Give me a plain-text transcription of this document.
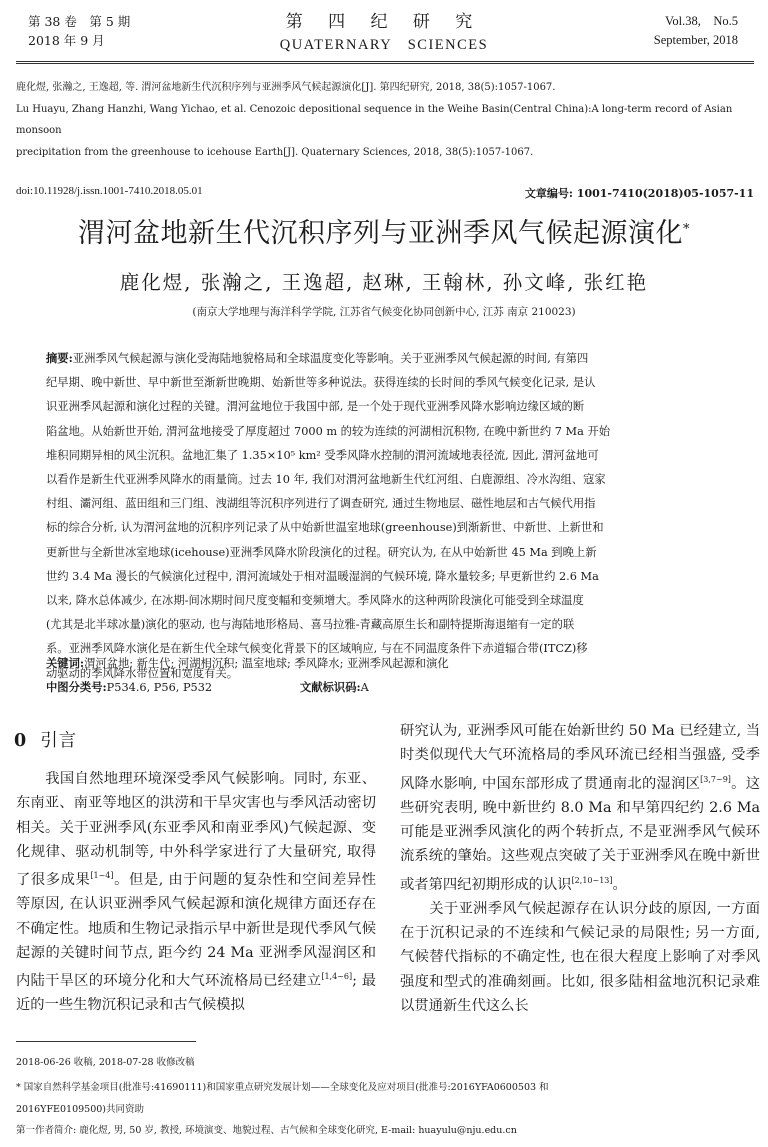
第 38 卷　第 5 期
2018 年 9 月
第 四 纪 研 究
QUATERNARY　SCIENCES
Vol.38,　No.5
September, 2018
鹿化煜, 张瀚之, 王逸超, 等. 渭河盆地新生代沉积序列与亚洲季风气候起源演化[J]. 第四纪研究, 2018, 38(5):1057-1067.
Lu Huayu, Zhang Hanzhi, Wang Yichao, et al. Cenozoic depositional sequence in the Weihe Basin(Central China):A long-term record of Asian monsoon
precipitation from the greenhouse to icehouse Earth[J]. Quaternary Sciences, 2018, 38(5):1057-1067.
doi:10.11928/j.issn.1001-7410.2018.05.01	文章编号: 1001-7410(2018)05-1057-11
渭河盆地新生代沉积序列与亚洲季风气候起源演化*
鹿化煜, 张瀚之, 王逸超, 赵琳, 王翰林, 孙文峰, 张红艳
(南京大学地理与海洋科学学院, 江苏省气候变化协同创新中心, 江苏 南京 210023)
摘要:亚洲季风气候起源与演化受海陆地貌格局和全球温度变化等影响。关于亚洲季风气候起源的时间, 有第四
纪早期、晚中新世、早中新世至渐新世晚期、始新世等多种说法。获得连续的长时间的季风气候变化记录, 是认
识亚洲季风起源和演化过程的关键。渭河盆地位于我国中部, 是一个处于现代亚洲季风降水影响边缘区域的断
陷盆地。从始新世开始, 渭河盆地接受了厚度超过 7000 m 的较为连续的河湖相沉积物, 在晚中新世约 7 Ma 开始
堆积同期异相的风尘沉积。盆地汇集了 1.35×10⁵ km² 受季风降水控制的渭河流域地表径流, 因此, 渭河盆地可
以看作是新生代亚洲季风降水的雨量筒。过去 10 年, 我们对渭河盆地新生代红河组、白鹿源组、冷水沟组、寇家
村组、灞河组、蓝田组和三门组、洩湖组等沉积序列进行了调查研究, 通过生物地层、磁性地层和古气候代用指
标的综合分析, 认为渭河盆地的沉积序列记录了从中始新世温室地球(greenhouse)到渐新世、中新世、上新世和
更新世与全新世冰室地球(icehouse)亚洲季风降水阶段演化的过程。研究认为, 在从中始新世 45 Ma 到晚上新
世约 3.4 Ma 漫长的气候演化过程中, 渭河流域处于相对温暖湿润的气候环境, 降水量较多; 早更新世约 2.6 Ma
以来, 降水总体减少, 在冰期-间冰期时间尺度变幅和变频增大。季风降水的这种两阶段演化可能受到全球温度
(尤其是北半球冰量)演化的驱动, 也与海陆地形格局、喜马拉雅-青藏高原生长和副特提斯海退缩有一定的联
系。亚洲季风降水演化是在新生代全球气候变化背景下的区域响应, 与在不同温度条件下赤道辐合带(ITCZ)移
动驱动的季风降水带位置和宽度有关。
关键词:渭河盆地; 新生代; 河湖相沉积; 温室地球; 季风降水; 亚洲季风起源和演化
中图分类号:P534.6, P56, P532	文献标识码:A
0 引言

　　我国自然地理环境深受季风气候影响。同时, 东亚、东南亚、南亚等地区的洪涝和干旱灾害也与季风活动密切相关。关于亚洲季风(东亚季风和南亚季风)气候起源、变化规律、驱动机制等, 中外科学家进行了大量研究, 取得了很多成果[1~4]。但是, 由于问题的复杂性和空间差异性等原因, 在认识亚洲季风气候起源和演化规律方面还存在不确定性。地质和生物记录指示早中新世是现代季风气候起源的关键时间节点, 距今约 24 Ma 亚洲季风湿润区和内陆干旱区的环境分化和大气环流格局已经建立[1,4~6]; 最近的一些生物沉积记录和古气候模拟

研究认为, 亚洲季风可能在始新世约 50 Ma 已经建立, 当时类似现代大气环流格局的季风环流已经相当强盛, 受季风降水影响, 中国东部形成了贯通南北的湿润区[3,7~9]。这些研究表明, 晚中新世约 8.0 Ma 和早第四纪约 2.6 Ma 可能是亚洲季风演化的两个转折点, 不是亚洲季风气候环流系统的肇始。这些观点突破了关于亚洲季风在晚中新世或者第四纪初期形成的认识[2,10~13]。

　　关于亚洲季风气候起源存在认识分歧的原因, 一方面在于沉积记录的不连续和气候记录的局限性; 另一方面, 气候替代指标的不确定性, 也在很大程度上影响了对季风强度和型式的准确刻画。比如, 很多陆相盆地沉积记录难以贯通新生代这么长

2018-06-26 收稿, 2018-07-28 收修改稿
* 国家自然科学基金项目(批准号:41690111)和国家重点研究发展计划——全球变化及应对项目(批准号:2016YFA0600503 和
2016YFE0109500)共同资助
第一作者简介: 鹿化煜, 男, 50 岁, 教授, 环境演变、地貌过程、古气候和全球变化研究, E-mail: huayulu@nju.edu.cn
